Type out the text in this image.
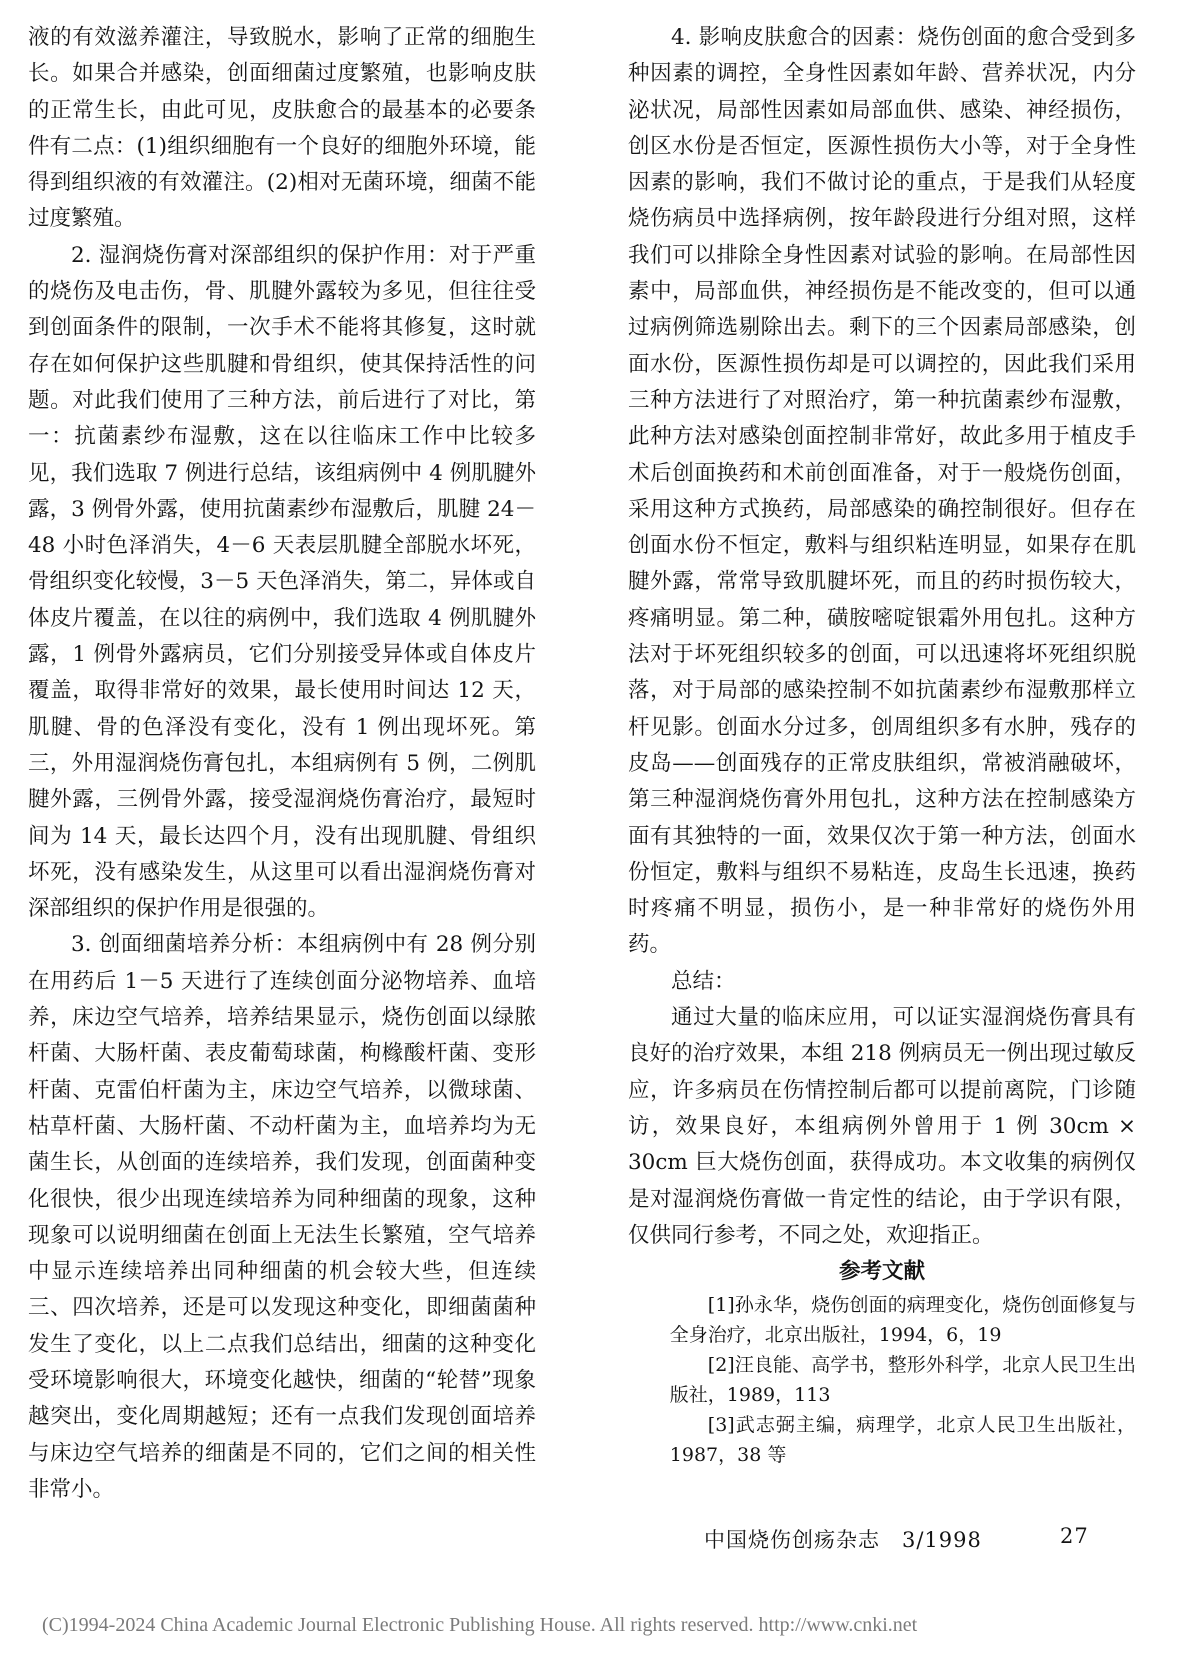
液的有效滋养灌注，导致脱水，影响了正常的细胞生长。如果合并感染，创面细菌过度繁殖，也影响皮肤的正常生长，由此可见，皮肤愈合的最基本的必要条件有二点：(1)组织细胞有一个良好的细胞外环境，能得到组织液的有效灌注。(2)相对无菌环境，细菌不能过度繁殖。

2. 湿润烧伤膏对深部组织的保护作用：对于严重的烧伤及电击伤，骨、肌腱外露较为多见，但往往受到创面条件的限制，一次手术不能将其修复，这时就存在如何保护这些肌腱和骨组织，使其保持活性的问题。对此我们使用了三种方法，前后进行了对比，第一：抗菌素纱布湿敷，这在以往临床工作中比较多见，我们选取 7 例进行总结，该组病例中 4 例肌腱外露，3 例骨外露，使用抗菌素纱布湿敷后，肌腱 24－48 小时色泽消失，4－6 天表层肌腱全部脱水坏死，骨组织变化较慢，3－5 天色泽消失，第二，异体或自体皮片覆盖，在以往的病例中，我们选取 4 例肌腱外露，1 例骨外露病员，它们分别接受异体或自体皮片覆盖，取得非常好的效果，最长使用时间达 12 天，肌腱、骨的色泽没有变化，没有 1 例出现坏死。第三，外用湿润烧伤膏包扎，本组病例有 5 例，二例肌腱外露，三例骨外露，接受湿润烧伤膏治疗，最短时间为 14 天，最长达四个月，没有出现肌腱、骨组织坏死，没有感染发生，从这里可以看出湿润烧伤膏对深部组织的保护作用是很强的。

3. 创面细菌培养分析：本组病例中有 28 例分别在用药后 1－5 天进行了连续创面分泌物培养、血培养，床边空气培养，培养结果显示，烧伤创面以绿脓杆菌、大肠杆菌、表皮葡萄球菌，枸橼酸杆菌、变形杆菌、克雷伯杆菌为主，床边空气培养，以微球菌、枯草杆菌、大肠杆菌、不动杆菌为主，血培养均为无菌生长，从创面的连续培养，我们发现，创面菌种变化很快，很少出现连续培养为同种细菌的现象，这种现象可以说明细菌在创面上无法生长繁殖，空气培养中显示连续培养出同种细菌的机会较大些，但连续三、四次培养，还是可以发现这种变化，即细菌菌种发生了变化，以上二点我们总结出，细菌的这种变化受环境影响很大，环境变化越快，细菌的“轮替”现象越突出，变化周期越短；还有一点我们发现创面培养与床边空气培养的细菌是不同的，它们之间的相关性非常小。

4. 影响皮肤愈合的因素：烧伤创面的愈合受到多种因素的调控，全身性因素如年龄、营养状况，内分泌状况，局部性因素如局部血供、感染、神经损伤，创区水份是否恒定，医源性损伤大小等，对于全身性因素的影响，我们不做讨论的重点，于是我们从轻度烧伤病员中选择病例，按年龄段进行分组对照，这样我们可以排除全身性因素对试验的影响。在局部性因素中，局部血供，神经损伤是不能改变的，但可以通过病例筛选剔除出去。剩下的三个因素局部感染，创面水份，医源性损伤却是可以调控的，因此我们采用三种方法进行了对照治疗，第一种抗菌素纱布湿敷，此种方法对感染创面控制非常好，故此多用于植皮手术后创面换药和术前创面准备，对于一般烧伤创面，采用这种方式换药，局部感染的确控制很好。但存在创面水份不恒定，敷料与组织粘连明显，如果存在肌腱外露，常常导致肌腱坏死，而且的药时损伤较大，疼痛明显。第二种，磺胺嘧啶银霜外用包扎。这种方法对于坏死组织较多的创面，可以迅速将坏死组织脱落，对于局部的感染控制不如抗菌素纱布湿敷那样立杆见影。创面水分过多，创周组织多有水肿，残存的皮岛——创面残存的正常皮肤组织，常被消融破坏，第三种湿润烧伤膏外用包扎，这种方法在控制感染方面有其独特的一面，效果仅次于第一种方法，创面水份恒定，敷料与组织不易粘连，皮岛生长迅速，换药时疼痛不明显，损伤小，是一种非常好的烧伤外用药。

总结：

通过大量的临床应用，可以证实湿润烧伤膏具有良好的治疗效果，本组 218 例病员无一例出现过敏反应，许多病员在伤情控制后都可以提前离院，门诊随访，效果良好，本组病例外曾用于 1 例 30cm × 30cm 巨大烧伤创面，获得成功。本文收集的病例仅是对湿润烧伤膏做一肯定性的结论，由于学识有限，仅供同行参考，不同之处，欢迎指正。

参考文献

[1]孙永华，烧伤创面的病理变化，烧伤创面修复与全身治疗，北京出版社，1994，6，19

[2]汪良能、高学书，整形外科学，北京人民卫生出版社，1989，113

[3]武志弼主编，病理学，北京人民卫生出版社，1987，38 等

中国烧伤创疡杂志　3/1998	27
(C)1994-2024 China Academic Journal Electronic Publishing House. All rights reserved. http://www.cnki.net
